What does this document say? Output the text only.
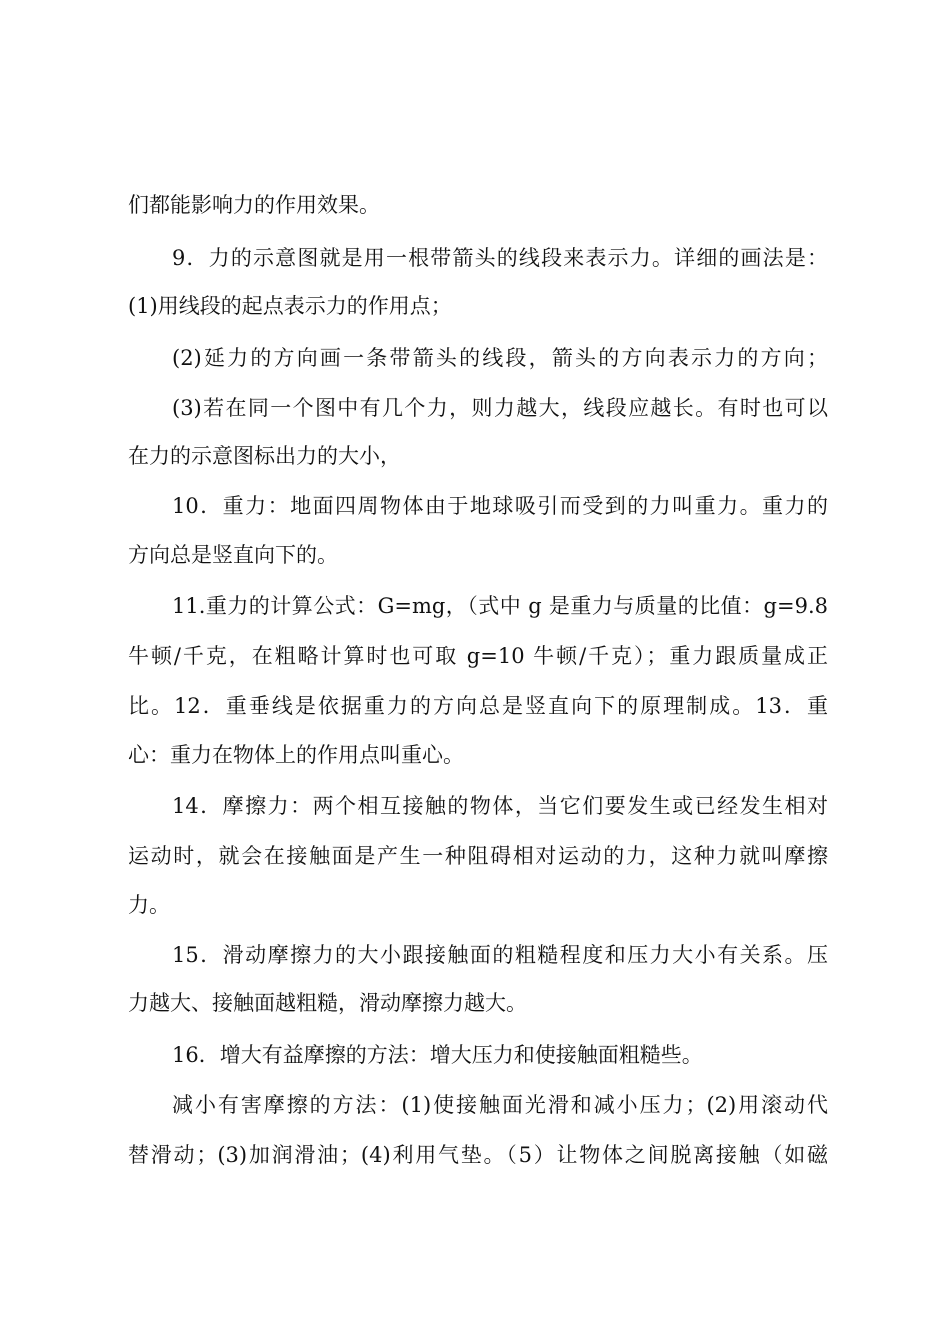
们都能影响力的作用效果。
9．力的示意图就是用一根带箭头的线段来表示力。详细的画法是：
(1)用线段的起点表示力的作用点；
(2)延力的方向画一条带箭头的线段，箭头的方向表示力的方向；
(3)若在同一个图中有几个力，则力越大，线段应越长。有时也可以
在力的示意图标出力的大小，
10．重力：地面四周物体由于地球吸引而受到的力叫重力。重力的
方向总是竖直向下的。
11.重力的计算公式：G=mg，（式中 g 是重力与质量的比值：g=9.8
牛顿/千克，在粗略计算时也可取 g=10 牛顿/千克）；重力跟质量成正
比。12．重垂线是依据重力的方向总是竖直向下的原理制成。13．重
心：重力在物体上的作用点叫重心。
14．摩擦力：两个相互接触的物体，当它们要发生或已经发生相对
运动时，就会在接触面是产生一种阻碍相对运动的力，这种力就叫摩擦
力。
15．滑动摩擦力的大小跟接触面的粗糙程度和压力大小有关系。压
力越大、接触面越粗糙，滑动摩擦力越大。
16．增大有益摩擦的方法：增大压力和使接触面粗糙些。
减小有害摩擦的方法：(1)使接触面光滑和减小压力；(2)用滚动代
替滑动；(3)加润滑油；(4)利用气垫。（5）让物体之间脱离接触（如磁
